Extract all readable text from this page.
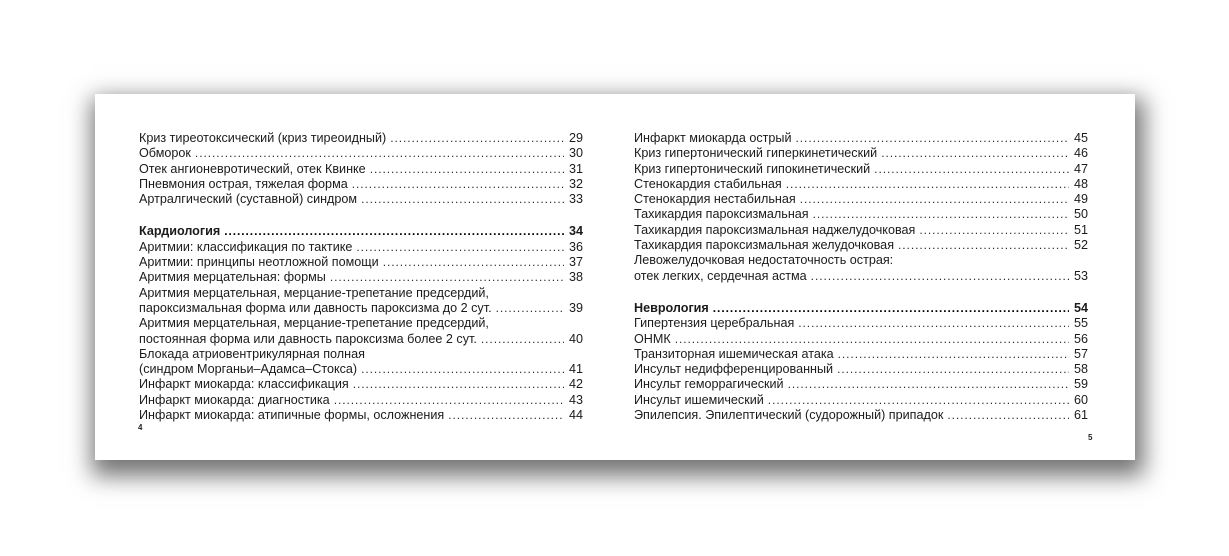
Криз тиреотоксический (криз тиреоидный) . . .	29
Обморок . . .	30
Отек ангионевротический, отек Квинке . . .	31
Пневмония острая, тяжелая форма . . .	32
Артралгический (суставной) синдром . . .	33
Кардиология . . .	34
Аритмии: классификация по тактике . . .	36
Аритмии: принципы неотложной помощи . . .	37
Аритмия мерцательная: формы . . .	38
Аритмия мерцательная, мерцание-трепетание предсердий,
пароксизмальная форма или давность пароксизма до 2 сут. . . .	39
Аритмия мерцательная, мерцание-трепетание предсердий,
постоянная форма или давность пароксизма более 2 сут. . . .	40
Блокада атриовентрикулярная полная
(синдром Морганьи–Адамса–Стокса) . . .	41
Инфаркт миокарда: классификация . . .	42
Инфаркт миокарда: диагностика . . .	43
Инфаркт миокарда: атипичные формы, осложнения . . .	44
Инфаркт миокарда острый . . .	45
Криз гипертонический гиперкинетический . . .	46
Криз гипертонический гипокинетический . . .	47
Стенокардия стабильная . . .	48
Стенокардия нестабильная . . .	49
Тахикардия пароксизмальная . . .	50
Тахикардия пароксизмальная наджелудочковая . . .	51
Тахикардия пароксизмальная желудочковая . . .	52
Левожелудочковая недостаточность острая:
отек легких, сердечная астма . . .	53
Неврология . . .	54
Гипертензия церебральная . . .	55
ОНМК . . .	56
Транзиторная ишемическая атака . . .	57
Инсульт недифференцированный . . .	58
Инсульт геморрагический . . .	59
Инсульт ишемический . . .	60
Эпилепсия. Эпилептический (судорожный) припадок . . .	61
4
5
